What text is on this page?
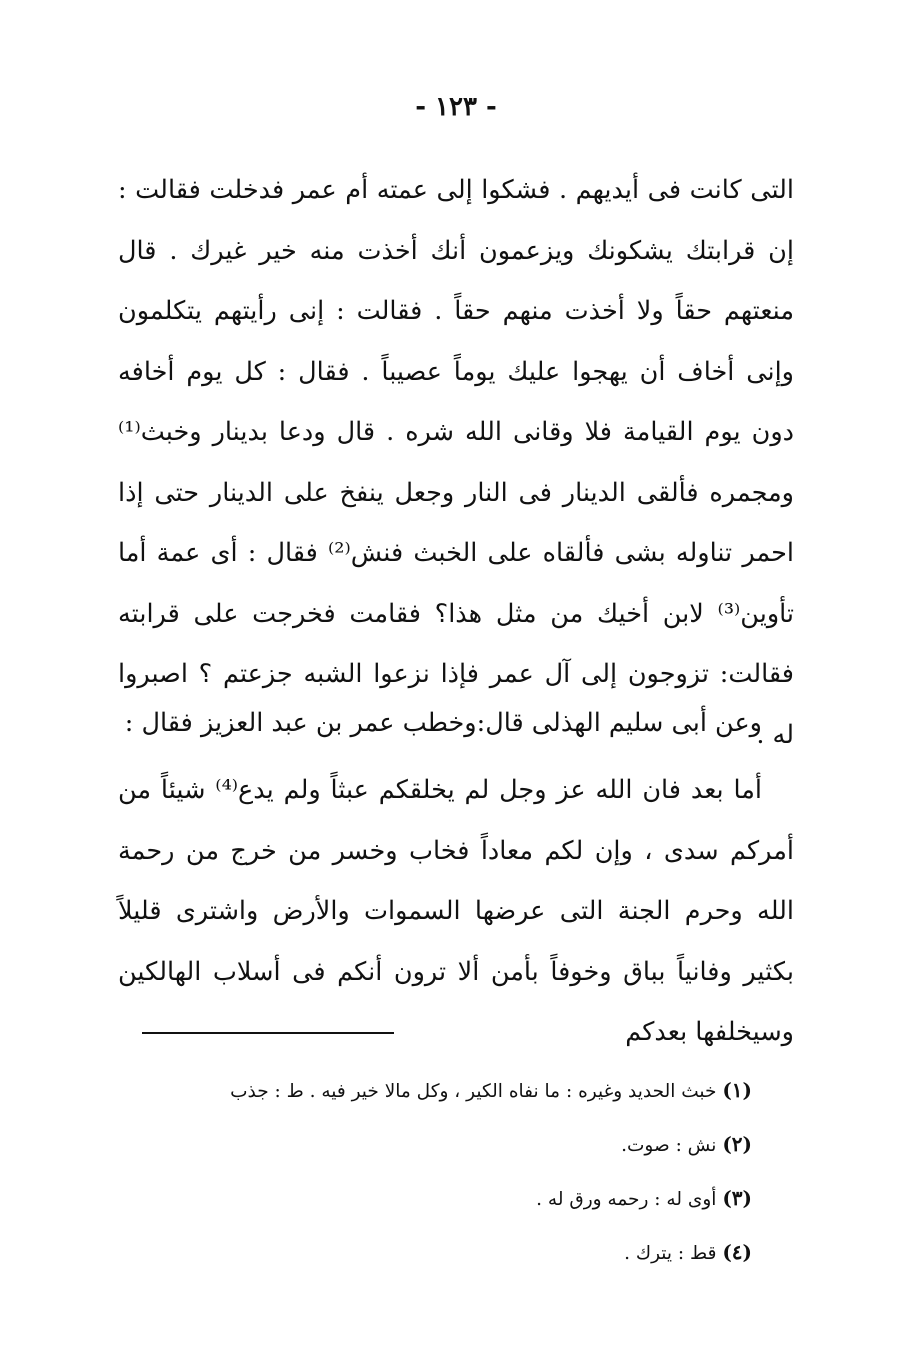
- ١٢٣ -
التى كانت فى أيديهم . فشكوا إلى عمته أم عمر فدخلت فقالت : إن قرابتك يشكونك ويزعمون أنك أخذت منه خير غيرك . قال منعتهم حقاً ولا أخذت منهم حقاً . فقالت : إنى رأيتهم يتكلمون وإنى أخاف أن يهجوا عليك يوماً عصيباً . فقال : كل يوم أخافه دون يوم القيامة فلا وقانى الله شره . قال ودعا بدينار وخبث⁽¹⁾ ومجمره فألقى الدينار فى النار وجعل ينفخ على الدينار حتى إذا احمر تناوله بشى فألقاه على الخبث فنش⁽²⁾ فقال : أى عمة أما تأوين⁽³⁾ لابن أخيك من مثل هذا؟ فقامت فخرجت على قرابته فقالت: تزوجون إلى آل عمر فإذا نزعوا الشبه جزعتم ؟ اصبروا له .
وعن أبى سليم الهذلى قال:وخطب عمر بن عبد العزيز فقال :
أما بعد فان الله عز وجل لم يخلقكم عبثاً ولم يدع⁽⁴⁾ شيئاً من أمركم سدى ، وإن لكم معاداً فخاب وخسر من خرج من رحمة الله وحرم الجنة التى عرضها السموات والأرض واشترى قليلاً بكثير وفانياً بباق وخوفاً بأمن ألا ترون أنكم فى أسلاب الهالكين وسيخلفها بعدكم
(١) خبث الحديد وغيره : ما نفاه الكير ، وكل مالا خير فيه . ط : جذب
(٢) نش : صوت.
(٣) أوى له : رحمه ورق له .
(٤) قط : يترك .
